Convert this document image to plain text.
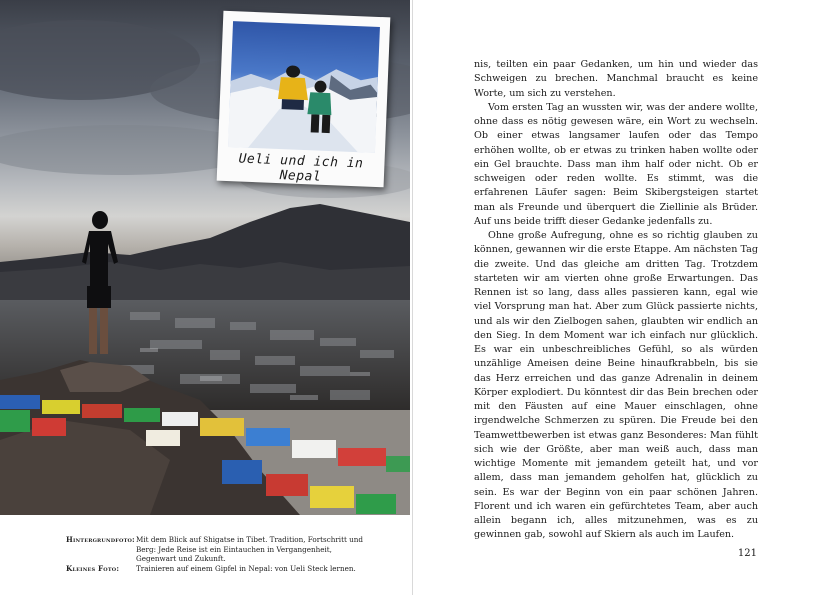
Ueli und ich in Nepal
Hintergrundfoto: Mit dem Blick auf Shigatse in Tibet. Tradition, Fortschritt und Berg: Jede Reise ist ein Eintauchen in Vergangenheit, Gegenwart und Zukunft.
Kleines Foto:	Trainieren auf einem Gipfel in Nepal: von Ueli Steck lernen.

nis, teilten ein paar Gedanken, um hin und wieder das Schweigen zu brechen. Manchmal braucht es keine Worte, um sich zu verstehen.

Vom ersten Tag an wussten wir, was der andere wollte, ohne dass es nötig gewesen wäre, ein Wort zu wechseln. Ob einer etwas langsamer laufen oder das Tempo erhöhen wollte, ob er etwas zu trinken haben wollte oder ein Gel brauchte. Dass man ihm half oder nicht. Ob er schweigen oder reden wollte. Es stimmt, was die erfahrenen Läufer sagen: Beim Skibergsteigen startet man als Freunde und überquert die Ziellinie als Brüder. Auf uns beide trifft dieser Gedanke jedenfalls zu.

Ohne große Aufregung, ohne es so richtig glauben zu können, gewannen wir die erste Etappe. Am nächsten Tag die zweite. Und das gleiche am dritten Tag. Trotzdem starteten wir am vierten ohne große Erwartungen. Das Rennen ist so lang, dass alles passieren kann, egal wie viel Vorsprung man hat. Aber zum Glück passierte nichts, und als wir den Zielbogen sahen, glaubten wir endlich an den Sieg. In dem Moment war ich einfach nur glücklich. Es war ein unbeschreibliches Gefühl, so als würden unzählige Ameisen deine Beine hinaufkrabbeln, bis sie das Herz erreichen und das ganze Adrenalin in deinem Körper explodiert. Du könntest dir das Bein brechen oder mit den Fäusten auf eine Mauer einschlagen, ohne irgendwelche Schmerzen zu spüren. Die Freude bei den Teamwettbewerben ist etwas ganz Besonderes: Man fühlt sich wie der Größte, aber man weiß auch, dass man wichtige Momente mit jemandem geteilt hat, und vor allem, dass man jemandem geholfen hat, glücklich zu sein. Es war der Beginn von ein paar schönen Jahren. Florent und ich waren ein gefürchtetes Team, aber auch allein begann ich, alles mitzunehmen, was es zu gewinnen gab, sowohl auf Skiern als auch im Laufen.

121
